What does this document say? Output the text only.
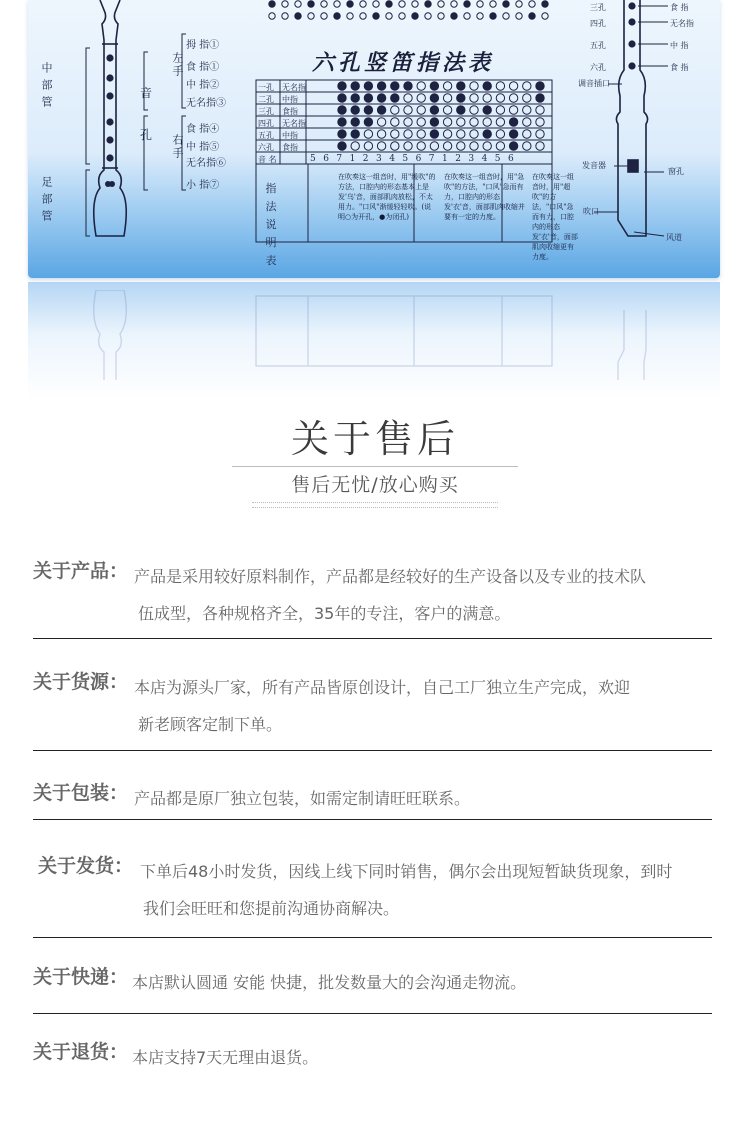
六孔竖笛指法表
中部管
足部管
音
孔
左手
右手
拇 指①
食 指①
中 指②
无名指③
食 指④
中 指⑤
无名指⑥
小 指⑦
一孔
二孔
三孔
四孔
五孔
六孔
音 名
无名指
中指
食指
无名指
中指
食指
5 6 7 1 2 3 4 5 6 7 1 2 3 4 5 6
指法说明表
在吹奏这一组音时，用"缓吹"的方法，口腔内的形态基本上是发'乌'音，面部肌肉放松，不太用力。"口风"渐缓轻轻吹。(说明○为开孔，●为闭孔)
在吹奏这一组音时，用"急吹"的方法，"口风"急而有力，口腔内的形态发'衣'音，面部肌肉收缩并要有一定的力度。
在吹奏这一组音时，用"超吹"的方法，"口风"急而有力，口腔内的形态发'衣'音，面部肌肉收缩更有力度。
三孔
四孔
五孔
六孔
食 指
无名指
中 指
食 指
调音插口
发音器
吹口
风道
窗孔
关于售后
售后无忧/放心购买
关于产品： 产品是采用较好原料制作，产品都是经较好的生产设备以及专业的技术队
伍成型，各种规格齐全，35年的专注，客户的满意。
关于货源： 本店为源头厂家，所有产品皆原创设计，自己工厂独立生产完成，欢迎
新老顾客定制下单。
关于包装： 产品都是原厂独立包装，如需定制请旺旺联系。
关于发货： 下单后48小时发货，因线上线下同时销售，偶尔会出现短暂缺货现象，到时
我们会旺旺和您提前沟通协商解决。
关于快递： 本店默认圆通 安能 快捷，批发数量大的会沟通走物流。
关于退货： 本店支持7天无理由退货。
